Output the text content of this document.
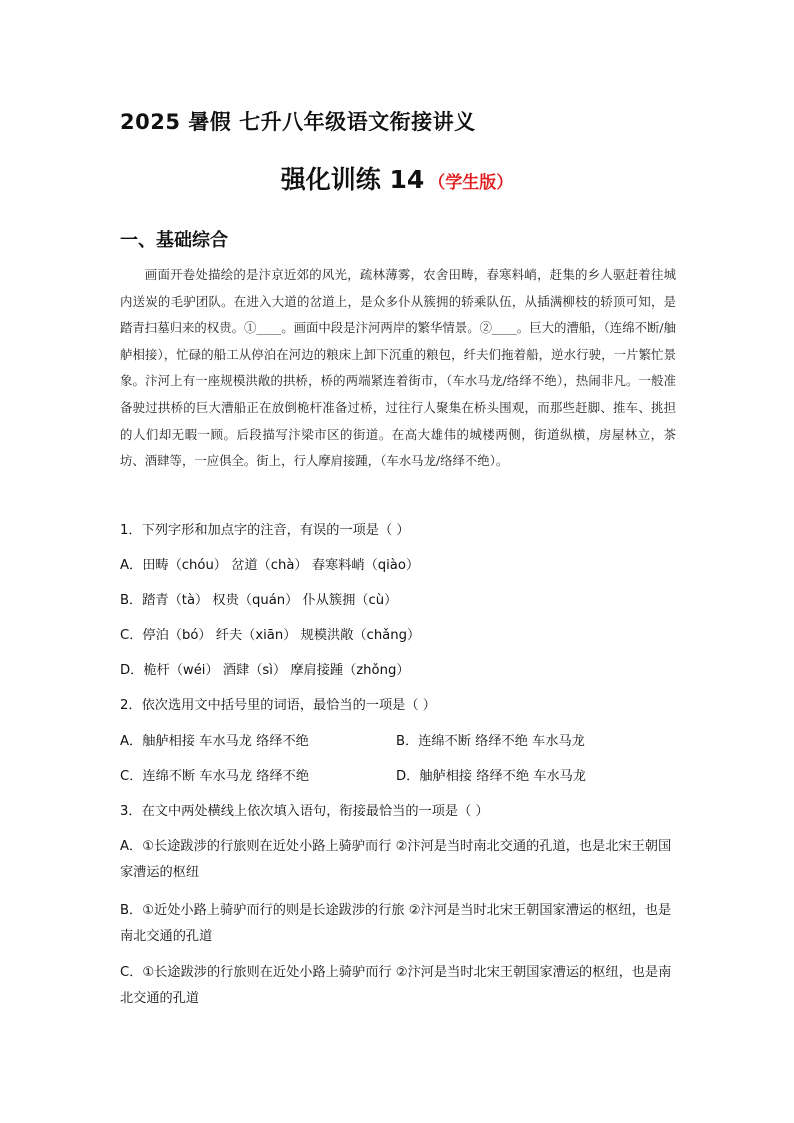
2025 暑假 七升八年级语文衔接讲义
强化训练 14 （学生版）
一、基础综合
画面开卷处描绘的是汴京近郊的风光，疏林薄雾，农舍田畴，春寒料峭，赶集的乡人驱赶着往城内送炭的毛驴团队。在进入大道的岔道上，是众多仆从簇拥的轿乘队伍，从插满柳枝的轿顶可知，是踏青扫墓归来的权贵。①____。画面中段是汴河两岸的繁华情景。②____。巨大的漕船，（连绵不断/舳舻相接），忙碌的船工从停泊在河边的粮床上卸下沉重的粮包，纤夫们拖着船，逆水行驶，一片繁忙景象。汴河上有一座规模洪敞的拱桥，桥的两端紧连着街市，（车水马龙/络绎不绝），热闹非凡。一般准备驶过拱桥的巨大漕船正在放倒桅杆准备过桥，过往行人聚集在桥头围观，而那些赶脚、推车、挑担的人们却无暇一顾。后段描写汴梁市区的街道。在高大雄伟的城楼两侧，街道纵横，房屋林立，茶坊、酒肆等，一应俱全。街上，行人摩肩接踵，（车水马龙/络绎不绝）。
1．下列字形和加点字的注音，有误的一项是（ ）
A．田畴（chóu） 岔道（chà） 春寒料峭（qiào）
B．踏青（tà） 权贵（quán） 仆从簇拥（cù）
C．停泊（bó） 纤夫（xiān） 规模洪敞（chǎng）
D．桅杆（wéi） 酒肆（sì） 摩肩接踵（zhǒng）
2．依次选用文中括号里的词语，最恰当的一项是（ ）
A．舳舻相接 车水马龙 络绎不绝	B．连绵不断 络绎不绝 车水马龙
C．连绵不断 车水马龙 络绎不绝	D．舳舻相接 络绎不绝 车水马龙
3．在文中两处横线上依次填入语句，衔接最恰当的一项是（ ）
A．①长途跋涉的行旅则在近处小路上骑驴而行 ②汴河是当时南北交通的孔道，也是北宋王朝国家漕运的枢纽
B．①近处小路上骑驴而行的则是长途跋涉的行旅 ②汴河是当时北宋王朝国家漕运的枢纽，也是南北交通的孔道
C．①长途跋涉的行旅则在近处小路上骑驴而行 ②汴河是当时北宋王朝国家漕运的枢纽，也是南北交通的孔道
